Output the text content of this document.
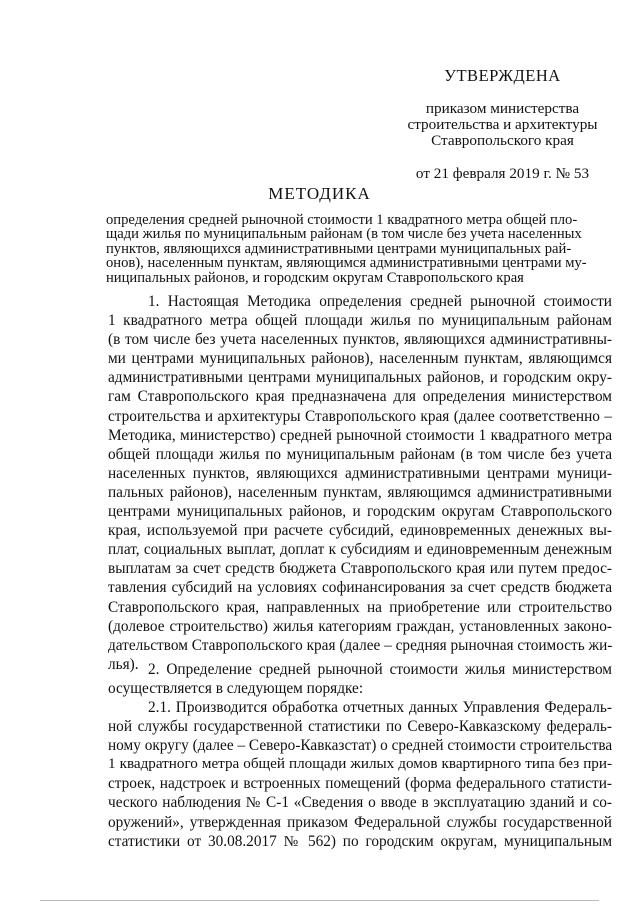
УТВЕРЖДЕНА
приказом министерства
строительства и архитектуры
Ставропольского края
от 21 февраля 2019 г. № 53
МЕТОДИКА
определения средней рыночной стоимости 1 квадратного метра общей пло-
щади жилья по муниципальным районам (в том числе без учета населенных
пунктов, являющихся административными центрами муниципальных рай-
онов), населенным пунктам, являющимся административными центрами му-
ниципальных районов, и городским округам Ставропольского края
1. Настоящая Методика определения средней рыночной стоимости
1 квадратного метра общей площади жилья по муниципальным районам
(в том числе без учета населенных пунктов, являющихся административны-
ми центрами муниципальных районов), населенным пунктам, являющимся
административными центрами муниципальных районов, и городским окру-
гам Ставропольского края предназначена для определения министерством
строительства и архитектуры Ставропольского края (далее соответственно –
Методика, министерство) средней рыночной стоимости 1 квадратного метра
общей площади жилья по муниципальным районам (в том числе без учета
населенных пунктов, являющихся административными центрами муници-
пальных районов), населенным пунктам, являющимся административными
центрами муниципальных районов, и городским округам Ставропольского
края, используемой при расчете субсидий, единовременных денежных вы-
плат, социальных выплат, доплат к субсидиям и единовременным денежным
выплатам за счет средств бюджета Ставропольского края или путем предос-
тавления субсидий на условиях софинансирования за счет средств бюджета
Ставропольского края, направленных на приобретение или строительство
(долевое строительство) жилья категориям граждан, установленных законо-
дательством Ставропольского края (далее – средняя рыночная стоимость жи-
лья). 2. Определение средней рыночной стоимости жилья министерством
осуществляется в следующем порядке:
2.1. Производится обработка отчетных данных Управления Федераль-
ной службы государственной статистики по Северо-Кавказскому федераль-
ному округу (далее – Северо-Кавказстат) о средней стоимости строительства
1 квадратного метра общей площади жилых домов квартирного типа без при-
строек, надстроек и встроенных помещений (форма федерального статисти-
ческого наблюдения № С-1 «Сведения о вводе в эксплуатацию зданий и со-
оружений», утвержденная приказом Федеральной службы государственной
статистики от 30.08.2017 № 562) по городским округам, муниципальным
